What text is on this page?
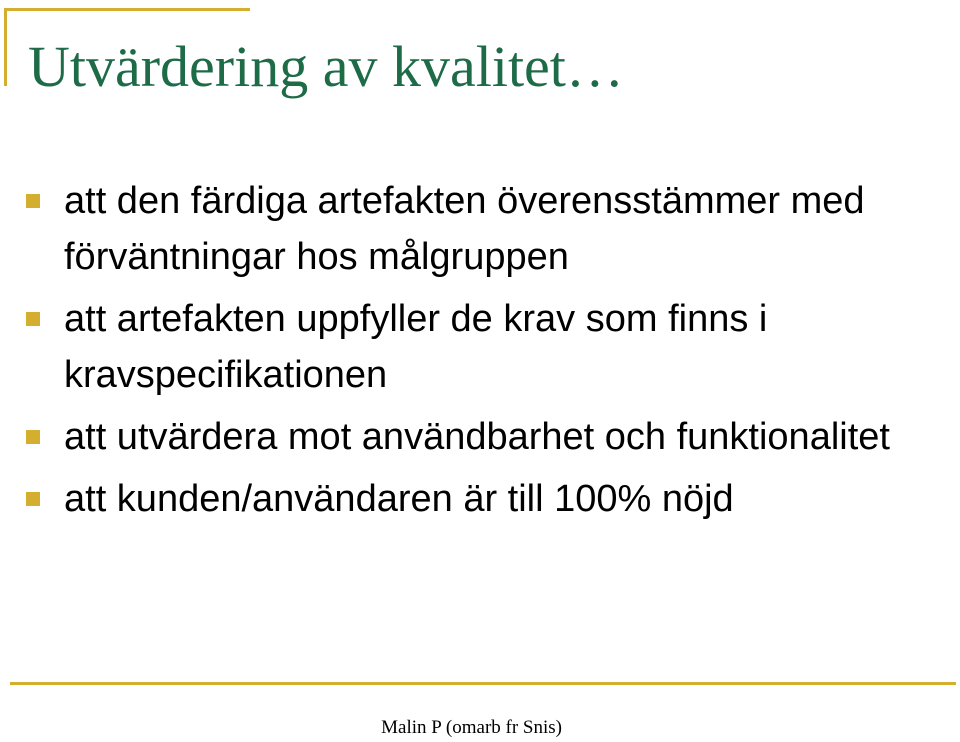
Utvärdering av kvalitet…
att den färdiga artefakten överensstämmer med förväntningar hos målgruppen
att artefakten uppfyller de krav som finns i kravspecifikationen
att utvärdera mot användbarhet och funktionalitet
att kunden/användaren är till 100% nöjd
Malin P (omarb fr Snis)
